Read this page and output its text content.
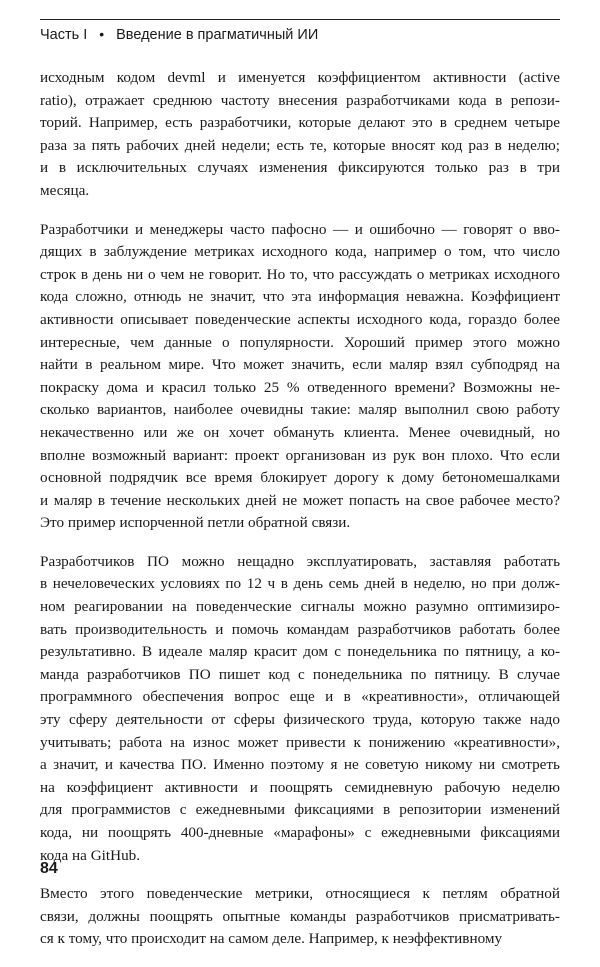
Часть I • Введение в прагматичный ИИ
исходным кодом devml и именуется коэффициентом активности (active
ratio), отражает среднюю частоту внесения разработчиками кода в репози-
торий. Например, есть разработчики, которые делают это в среднем четыре
раза за пять рабочих дней недели; есть те, которые вносят код раз в неделю;
и в исключительных случаях изменения фиксируются только раз в три
месяца.
Разработчики и менеджеры часто пафосно — и ошибочно — говорят о вво-
дящих в заблуждение метриках исходного кода, например о том, что число
строк в день ни о чем не говорит. Но то, что рассуждать о метриках исходного
кода сложно, отнюдь не значит, что эта информация неважна. Коэффициент
активности описывает поведенческие аспекты исходного кода, гораздо более
интересные, чем данные о популярности. Хороший пример этого можно
найти в реальном мире. Что может значить, если маляр взял субподряд на
покраску дома и красил только 25 % отведенного времени? Возможны не-
сколько вариантов, наиболее очевидны такие: маляр выполнил свою работу
некачественно или же он хочет обмануть клиента. Менее очевидный, но
вполне возможный вариант: проект организован из рук вон плохо. Что если
основной подрядчик все время блокирует дорогу к дому бетономешалками
и маляр в течение нескольких дней не может попасть на свое рабочее место?
Это пример испорченной петли обратной связи.
Разработчиков ПО можно нещадно эксплуатировать, заставляя работать
в нечеловеческих условиях по 12 ч в день семь дней в неделю, но при долж-
ном реагировании на поведенческие сигналы можно разумно оптимизиро-
вать производительность и помочь командам разработчиков работать более
результативно. В идеале маляр красит дом с понедельника по пятницу, а ко-
манда разработчиков ПО пишет код с понедельника по пятницу. В случае
программного обеспечения вопрос еще и в «креативности», отличающей
эту сферу деятельности от сферы физического труда, которую также надо
учитывать; работа на износ может привести к понижению «креативности»,
а значит, и качества ПО. Именно поэтому я не советую никому ни смотреть
на коэффициент активности и поощрять семидневную рабочую неделю
для программистов с ежедневными фиксациями в репозитории изменений
кода, ни поощрять 400-дневные «марафоны» с ежедневными фиксациями
кода на GitHub.
Вместо этого поведенческие метрики, относящиеся к петлям обратной
связи, должны поощрять опытные команды разработчиков присматривать-
ся к тому, что происходит на самом деле. Например, к неэффективному
84
